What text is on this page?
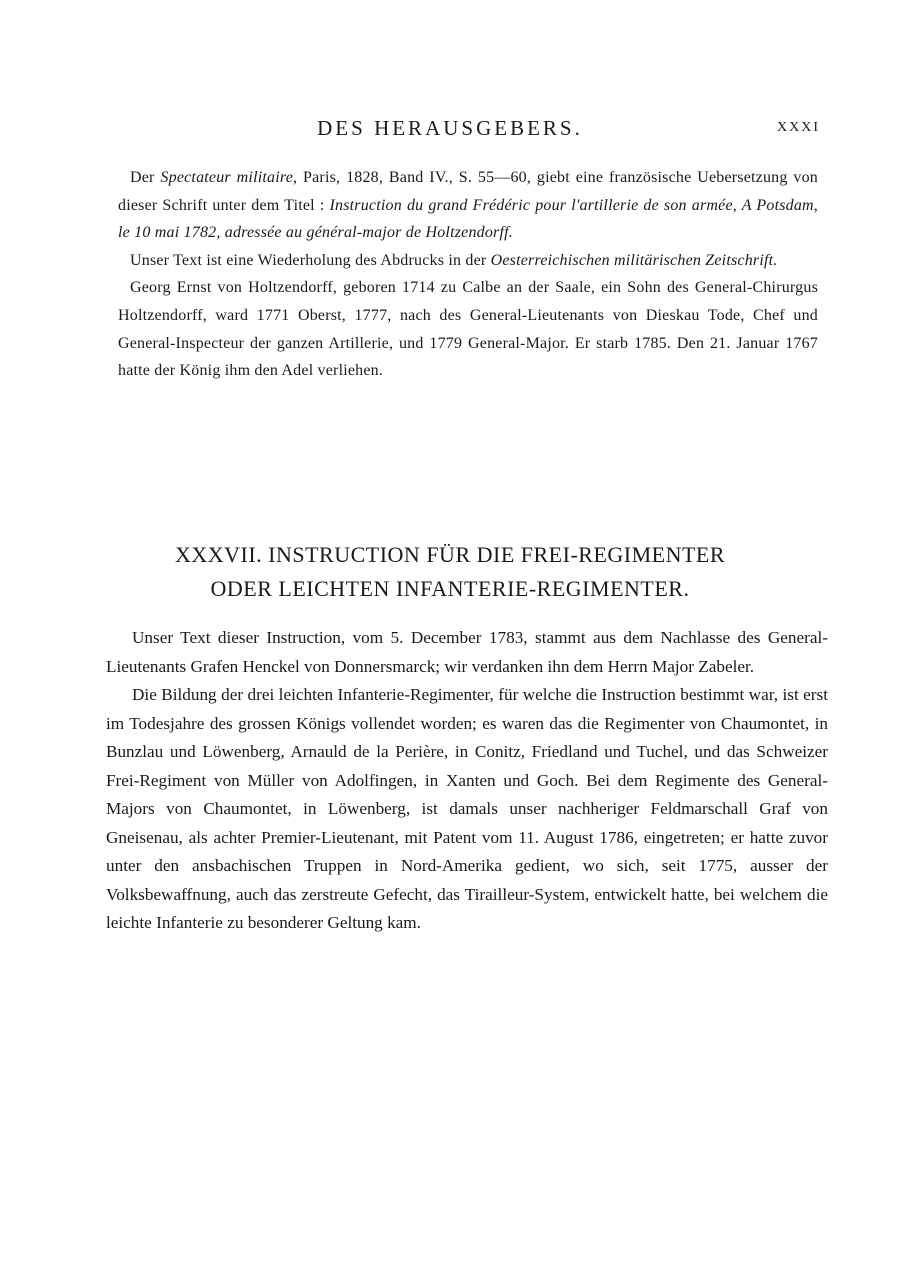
DES HERAUSGEBERS.	XXXI

Der Spectateur militaire, Paris, 1828, Band IV., S. 55—60, giebt eine französische Uebersetzung von dieser Schrift unter dem Titel : Instruction du grand Frédéric pour l'artillerie de son armée, A Potsdam, le 10 mai 1782, adressée au général-major de Holtzendorff.

Unser Text ist eine Wiederholung des Abdrucks in der Oesterreichischen militärischen Zeitschrift.

Georg Ernst von Holtzendorff, geboren 1714 zu Calbe an der Saale, ein Sohn des General-Chirurgus Holtzendorff, ward 1771 Oberst, 1777, nach des General-Lieutenants von Dieskau Tode, Chef und General-Inspecteur der ganzen Artillerie, und 1779 General-Major. Er starb 1785. Den 21. Januar 1767 hatte der König ihm den Adel verliehen.

XXXVII. INSTRUCTION FÜR DIE FREI-REGIMENTER
ODER LEICHTEN INFANTERIE-REGIMENTER.

Unser Text dieser Instruction, vom 5. December 1783, stammt aus dem Nachlasse des General-Lieutenants Grafen Henckel von Donnersmarck; wir verdanken ihn dem Herrn Major Zabeler.

Die Bildung der drei leichten Infanterie-Regimenter, für welche die Instruction bestimmt war, ist erst im Todesjahre des grossen Königs vollendet worden; es waren das die Regimenter von Chaumontet, in Bunzlau und Löwenberg, Arnauld de la Perière, in Conitz, Friedland und Tuchel, und das Schweizer Frei-Regiment von Müller von Adolfingen, in Xanten und Goch. Bei dem Regimente des General-Majors von Chaumontet, in Löwenberg, ist damals unser nachheriger Feldmarschall Graf von Gneisenau, als achter Premier-Lieutenant, mit Patent vom 11. August 1786, eingetreten; er hatte zuvor unter den ansbachischen Truppen in Nord-Amerika gedient, wo sich, seit 1775, ausser der Volksbewaffnung, auch das zerstreute Gefecht, das Tirailleur-System, entwickelt hatte, bei welchem die leichte Infanterie zu besonderer Geltung kam.
